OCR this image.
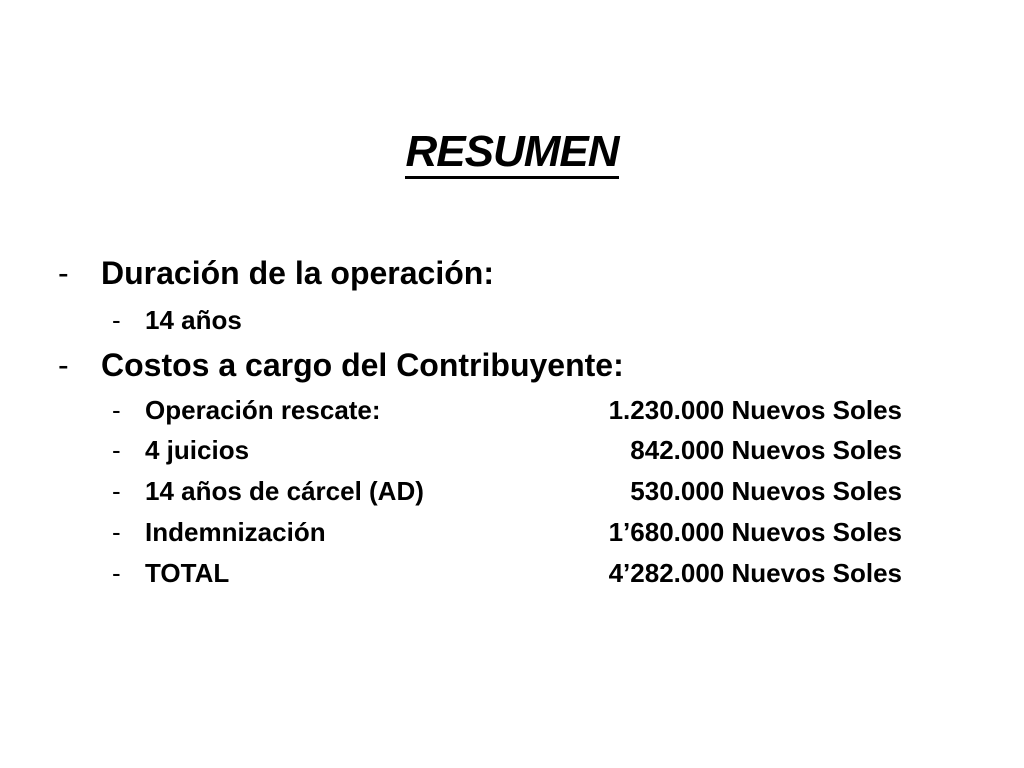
RESUMEN
- Duración de la operación:
- 14 años
- Costos a cargo del Contribuyente:
- Operación rescate:	1.230.000 Nuevos Soles
- 4 juicios	842.000 Nuevos Soles
- 14 años de cárcel (AD)	530.000 Nuevos Soles
- Indemnización	1’680.000 Nuevos Soles
- TOTAL	4’282.000 Nuevos Soles
